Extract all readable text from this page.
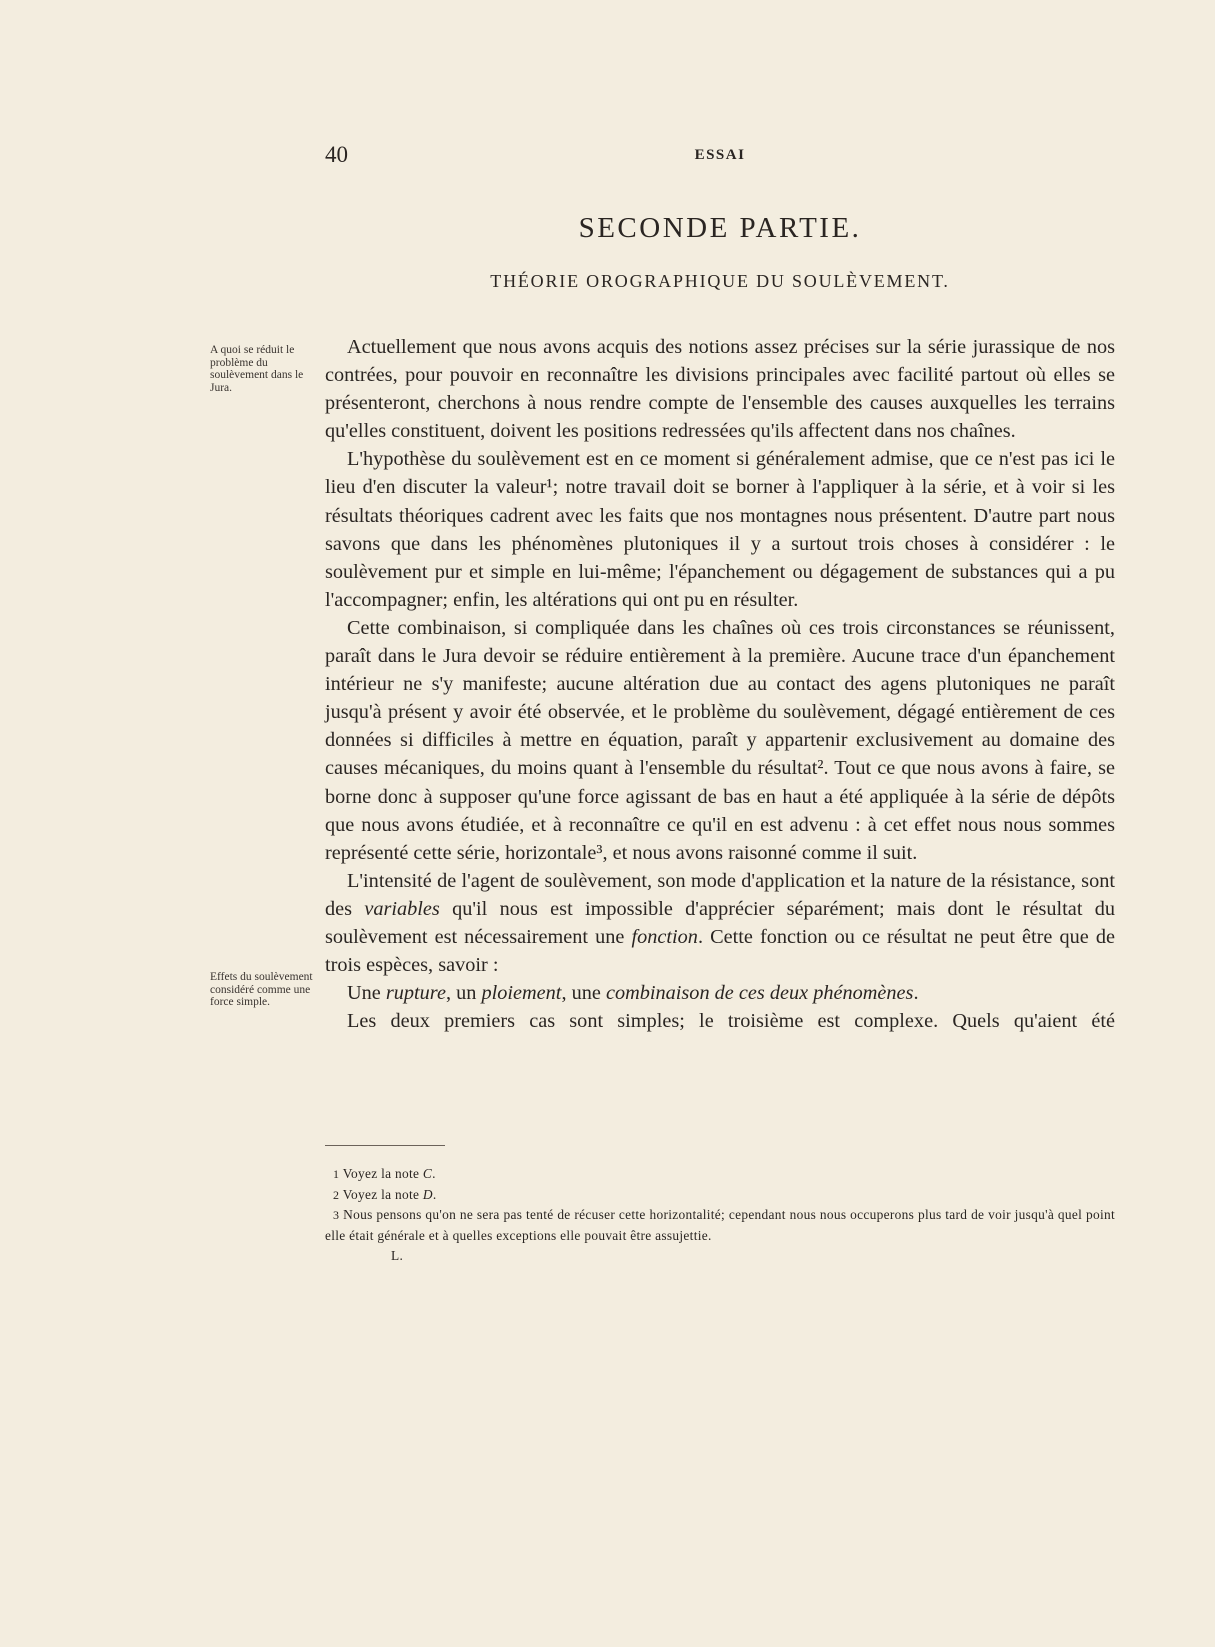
40	ESSAI
SECONDE PARTIE.
THÉORIE OROGRAPHIQUE DU SOULÈVEMENT.
A quoi se réduit le problème du soulèvement dans le Jura.
Effets du soulèvement considéré comme une force simple.

Actuellement que nous avons acquis des notions assez précises sur la série jurassique de nos contrées, pour pouvoir en reconnaître les divisions principales avec facilité partout où elles se présenteront, cherchons à nous rendre compte de l'ensemble des causes auxquelles les terrains qu'elles constituent, doivent les positions redressées qu'ils affectent dans nos chaînes.

L'hypothèse du soulèvement est en ce moment si généralement admise, que ce n'est pas ici le lieu d'en discuter la valeur¹; notre travail doit se borner à l'appliquer à la série, et à voir si les résultats théoriques cadrent avec les faits que nos montagnes nous présentent. D'autre part nous savons que dans les phénomènes plutoniques il y a surtout trois choses à considérer : le soulèvement pur et simple en lui-même; l'épanchement ou dégagement de substances qui a pu l'accompagner; enfin, les altérations qui ont pu en résulter.

Cette combinaison, si compliquée dans les chaînes où ces trois circonstances se réunissent, paraît dans le Jura devoir se réduire entièrement à la première. Aucune trace d'un épanchement intérieur ne s'y manifeste; aucune altération due au contact des agens plutoniques ne paraît jusqu'à présent y avoir été observée, et le problème du soulèvement, dégagé entièrement de ces données si difficiles à mettre en équation, paraît y appartenir exclusivement au domaine des causes mécaniques, du moins quant à l'ensemble du résultat². Tout ce que nous avons à faire, se borne donc à supposer qu'une force agissant de bas en haut a été appliquée à la série de dépôts que nous avons étudiée, et à reconnaître ce qu'il en est advenu : à cet effet nous nous sommes représenté cette série, horizontale³, et nous avons raisonné comme il suit.

L'intensité de l'agent de soulèvement, son mode d'application et la nature de la résistance, sont des variables qu'il nous est impossible d'apprécier séparément; mais dont le résultat du soulèvement est nécessairement une fonction. Cette fonction ou ce résultat ne peut être que de trois espèces, savoir :

Une rupture, un ploiement, une combinaison de ces deux phénomènes.

Les deux premiers cas sont simples; le troisième est complexe. Quels qu'aient été

1 Voyez la note C.

2 Voyez la note D.

3 Nous pensons qu'on ne sera pas tenté de récuser cette horizontalité; cependant nous nous occuperons plus tard de voir jusqu'à quel point elle était générale et à quelles exceptions elle pouvait être assujettie.

L.
